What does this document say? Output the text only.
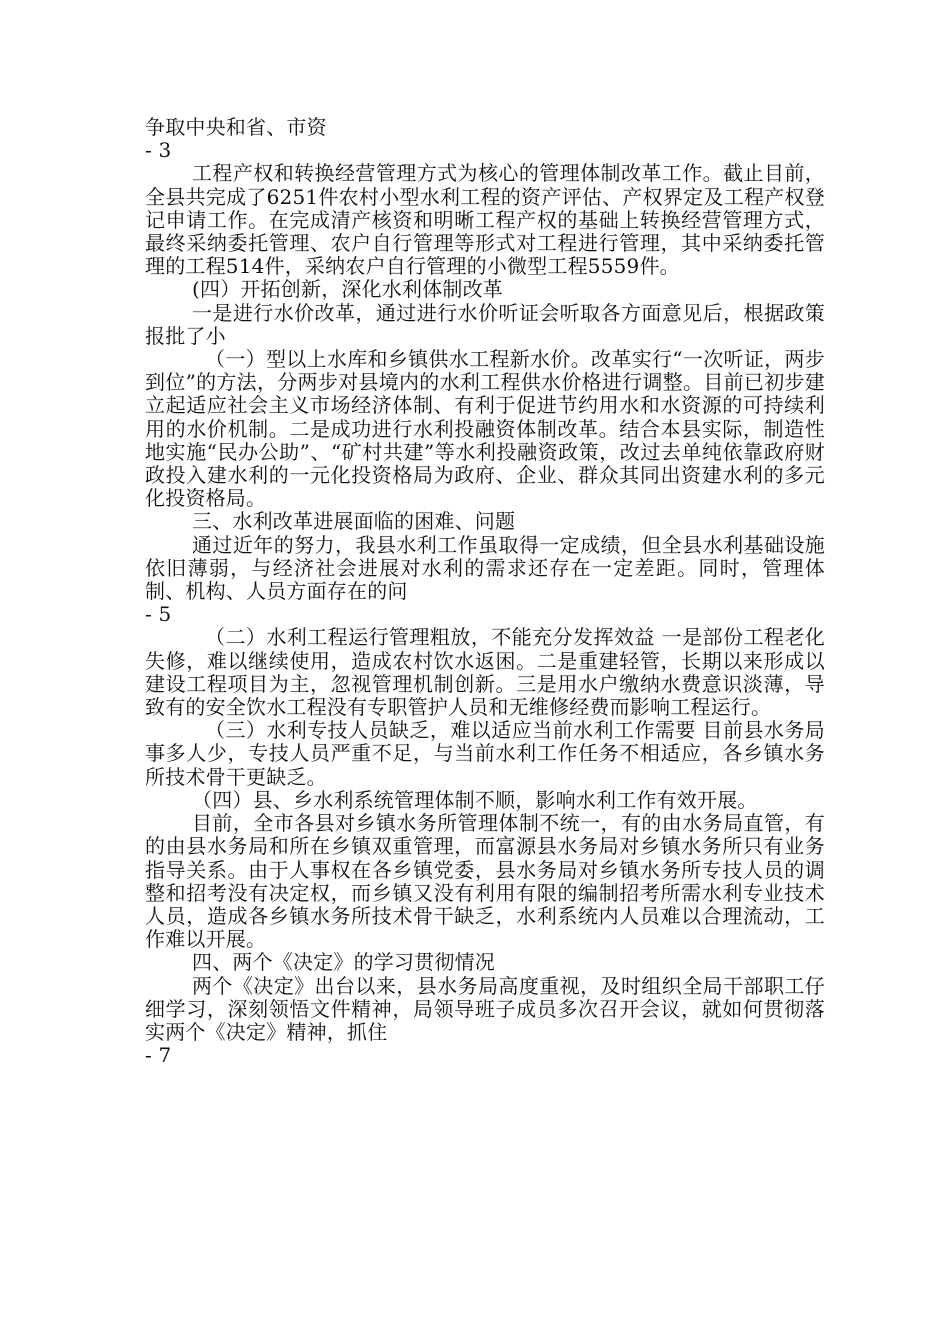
争取中央和省、市资

- 3

工程产权和转换经营管理方式为核心的管理体制改革工作。截止目前，全县共完成了6251件农村小型水利工程的资产评估、产权界定及工程产权登记申请工作。在完成清产核资和明晰工程产权的基础上转换经营管理方式，最终采纳委托管理、农户自行管理等形式对工程进行管理，其中采纳委托管理的工程514件，采纳农户自行管理的小微型工程5559件。

(四）开拓创新，深化水利体制改革

一是进行水价改革，通过进行水价听证会听取各方面意见后，根据政策报批了小

（一）型以上水库和乡镇供水工程新水价。改革实行“一次听证，两步到位”的方法，分两步对县境内的水利工程供水价格进行调整。目前已初步建立起适应社会主义市场经济体制、有利于促进节约用水和水资源的可持续利用的水价机制。二是成功进行水利投融资体制改革。结合本县实际，制造性地实施“民办公助”、“矿村共建”等水利投融资政策，改过去单纯依靠政府财政投入建水利的一元化投资格局为政府、企业、群众其同出资建水利的多元化投资格局。

三、水利改革进展面临的困难、问题

通过近年的努力，我县水利工作虽取得一定成绩，但全县水利基础设施依旧薄弱，与经济社会进展对水利的需求还存在一定差距。同时，管理体制、机构、人员方面存在的问

- 5

（二）水利工程运行管理粗放，不能充分发挥效益 一是部份工程老化失修，难以继续使用，造成农村饮水返困。二是重建轻管，长期以来形成以建设工程项目为主，忽视管理机制创新。三是用水户缴纳水费意识淡薄，导致有的安全饮水工程没有专职管护人员和无维修经费而影响工程运行。

（三）水利专技人员缺乏，难以适应当前水利工作需要 目前县水务局事多人少，专技人员严重不足，与当前水利工作任务不相适应，各乡镇水务所技术骨干更缺乏。

（四）县、乡水利系统管理体制不顺，影响水利工作有效开展。

目前，全市各县对乡镇水务所管理体制不统一，有的由水务局直管，有的由县水务局和所在乡镇双重管理，而富源县水务局对乡镇水务所只有业务指导关系。由于人事权在各乡镇党委，县水务局对乡镇水务所专技人员的调整和招考没有决定权，而乡镇又没有利用有限的编制招考所需水利专业技术人员，造成各乡镇水务所技术骨干缺乏，水利系统内人员难以合理流动，工作难以开展。

四、两个《决定》的学习贯彻情况

两个《决定》出台以来，县水务局高度重视，及时组织全局干部职工仔细学习，深刻领悟文件精神，局领导班子成员多次召开会议，就如何贯彻落实两个《决定》精神，抓住

- 7
